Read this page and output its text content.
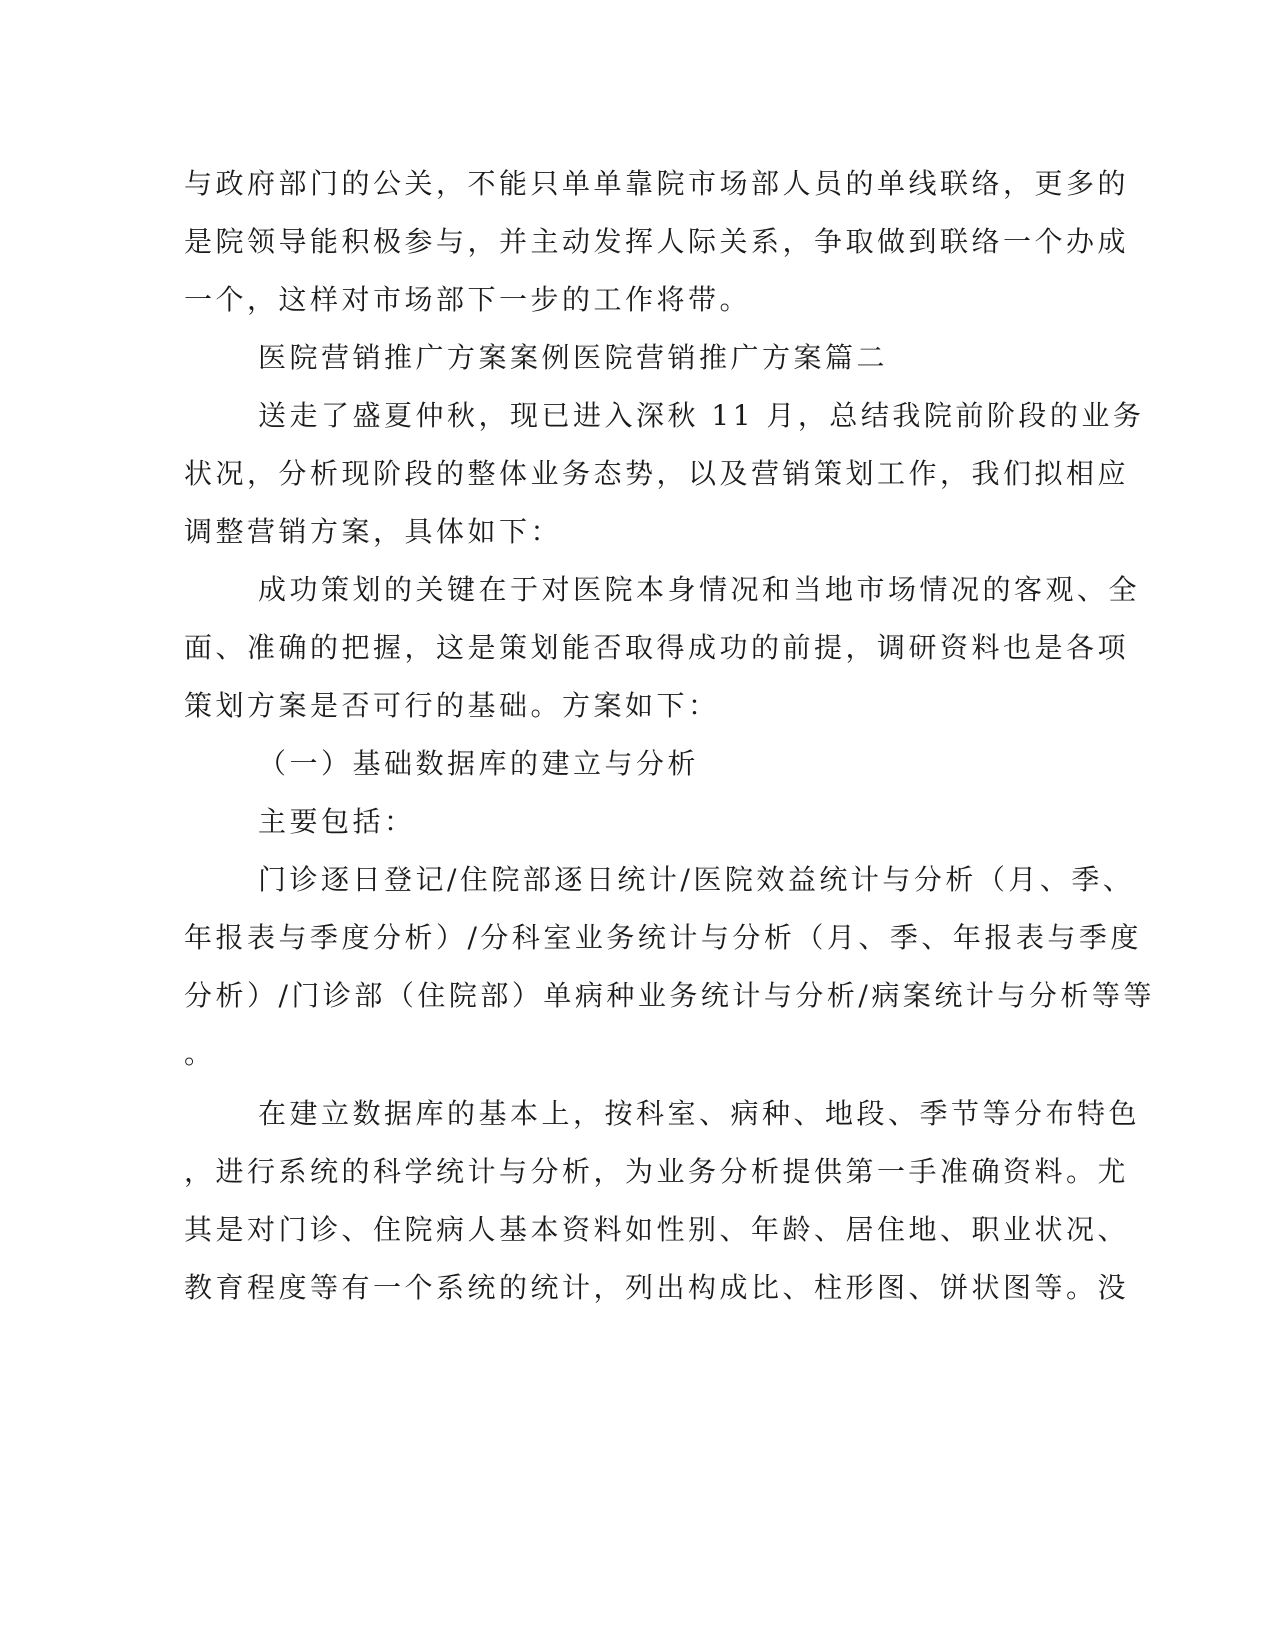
与政府部门的公关，不能只单单靠院市场部人员的单线联络，更多的
是院领导能积极参与，并主动发挥人际关系，争取做到联络一个办成
一个，这样对市场部下一步的工作将带。
医院营销推广方案案例医院营销推广方案篇二
送走了盛夏仲秋，现已进入深秋 11 月，总结我院前阶段的业务
状况，分析现阶段的整体业务态势，以及营销策划工作，我们拟相应
调整营销方案，具体如下：
成功策划的关键在于对医院本身情况和当地市场情况的客观、全
面、准确的把握，这是策划能否取得成功的前提，调研资料也是各项
策划方案是否可行的基础。方案如下：
（一）基础数据库的建立与分析
主要包括：
门诊逐日登记/住院部逐日统计/医院效益统计与分析（月、季、
年报表与季度分析）/分科室业务统计与分析（月、季、年报表与季度
分析）/门诊部（住院部）单病种业务统计与分析/病案统计与分析等等
。
在建立数据库的基本上，按科室、病种、地段、季节等分布特色
，进行系统的科学统计与分析，为业务分析提供第一手准确资料。尤
其是对门诊、住院病人基本资料如性别、年龄、居住地、职业状况、
教育程度等有一个系统的统计，列出构成比、柱形图、饼状图等。没
